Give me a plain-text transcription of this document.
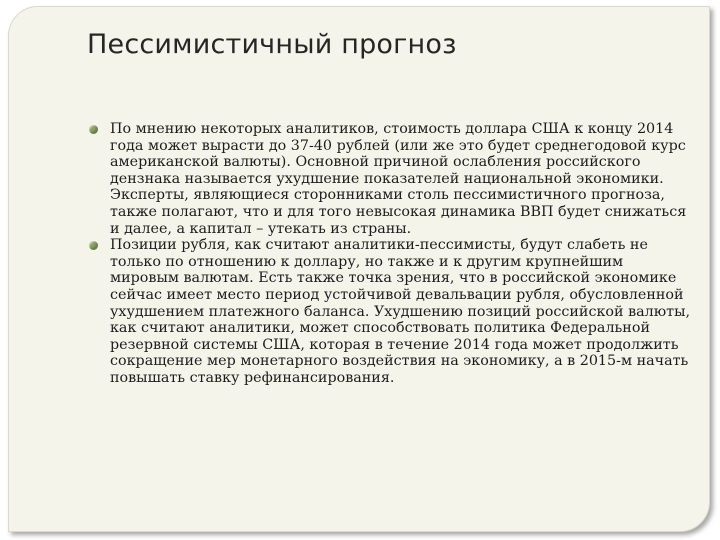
Пессимистичный прогноз
По мнению некоторых аналитиков, стоимость доллара США к концу 2014 года может вырасти до 37-40 рублей (или же это будет среднегодовой курс американской валюты). Основной причиной ослабления российского дензнака называется ухудшение показателей национальной экономики. Эксперты, являющиеся сторонниками столь пессимистичного прогноза, также полагают, что и для того невысокая динамика ВВП будет снижаться и далее, а капитал – утекать из страны.
Позиции рубля, как считают аналитики-пессимисты, будут слабеть не только по отношению к доллару, но также и к другим крупнейшим мировым валютам. Есть также точка зрения, что в российской экономике сейчас имеет место период устойчивой девальвации рубля, обусловленной ухудшением платежного баланса. Ухудшению позиций российской валюты, как считают аналитики, может способствовать политика Федеральной резервной системы США, которая в течение 2014 года может продолжить сокращение мер монетарного воздействия на экономику, а в 2015-м начать повышать ставку рефинансирования.
